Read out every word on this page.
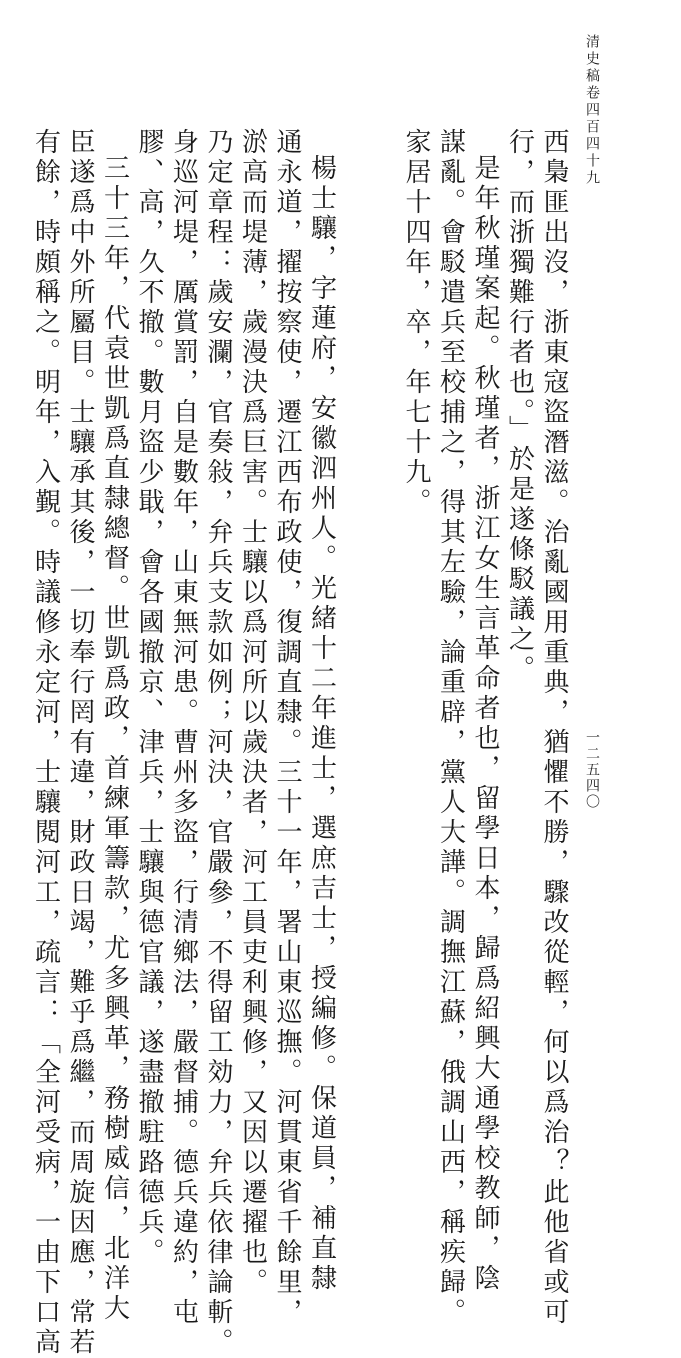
清史稿卷四百四十九
西梟匪出沒，浙東寇盜潛滋。治亂國用重典，猶懼不勝，驟改從輕，何以爲治？此他省或可
行，而浙獨難行者也。」於是遂條駁議之。
是年秋瑾案起。秋瑾者，浙江女生言革命者也，留學日本，歸爲紹興大通學校教師，陰
謀亂。會駁遣兵至校捕之，得其左驗，論重辟，黨人大譁。調撫江蘇，俄調山西，稱疾歸。
家居十四年，卒，年七十九。
楊士驤，字蓮府，安徽泗州人。光緒十二年進士，選庶吉士，授編修。保道員，補直隸
通永道，擢按察使，遷江西布政使，復調直隸。三十一年，署山東巡撫。河貫東省千餘里，
淤高而堤薄，歲漫決爲巨害。士驤以爲河所以歲決者，河工員吏利興修，又因以遷擢也。
乃定章程：歲安瀾，官奏敍，弁兵支款如例；河決，官嚴參，不得留工効力，弁兵依律論斬。
身巡河堤，厲賞罰，自是數年，山東無河患。曹州多盜，行清鄉法，嚴督捕。德兵違約，屯
膠、高，久不撤。數月盜少戢，會各國撤京、津兵，士驤與德官議，遂盡撤駐路德兵。
三十三年，代袁世凱爲直隸總督。世凱爲政，首練軍籌款，尤多興革，務樹威信，北洋大
臣遂爲中外所屬目。士驤承其後，一切奉行罔有違，財政日竭，難乎爲繼，而周旋因應，常若
有餘，時頗稱之。明年，入覲。時議修永定河，士驤閱河工，疏言：「全河受病，一由下口高	一二五四〇
